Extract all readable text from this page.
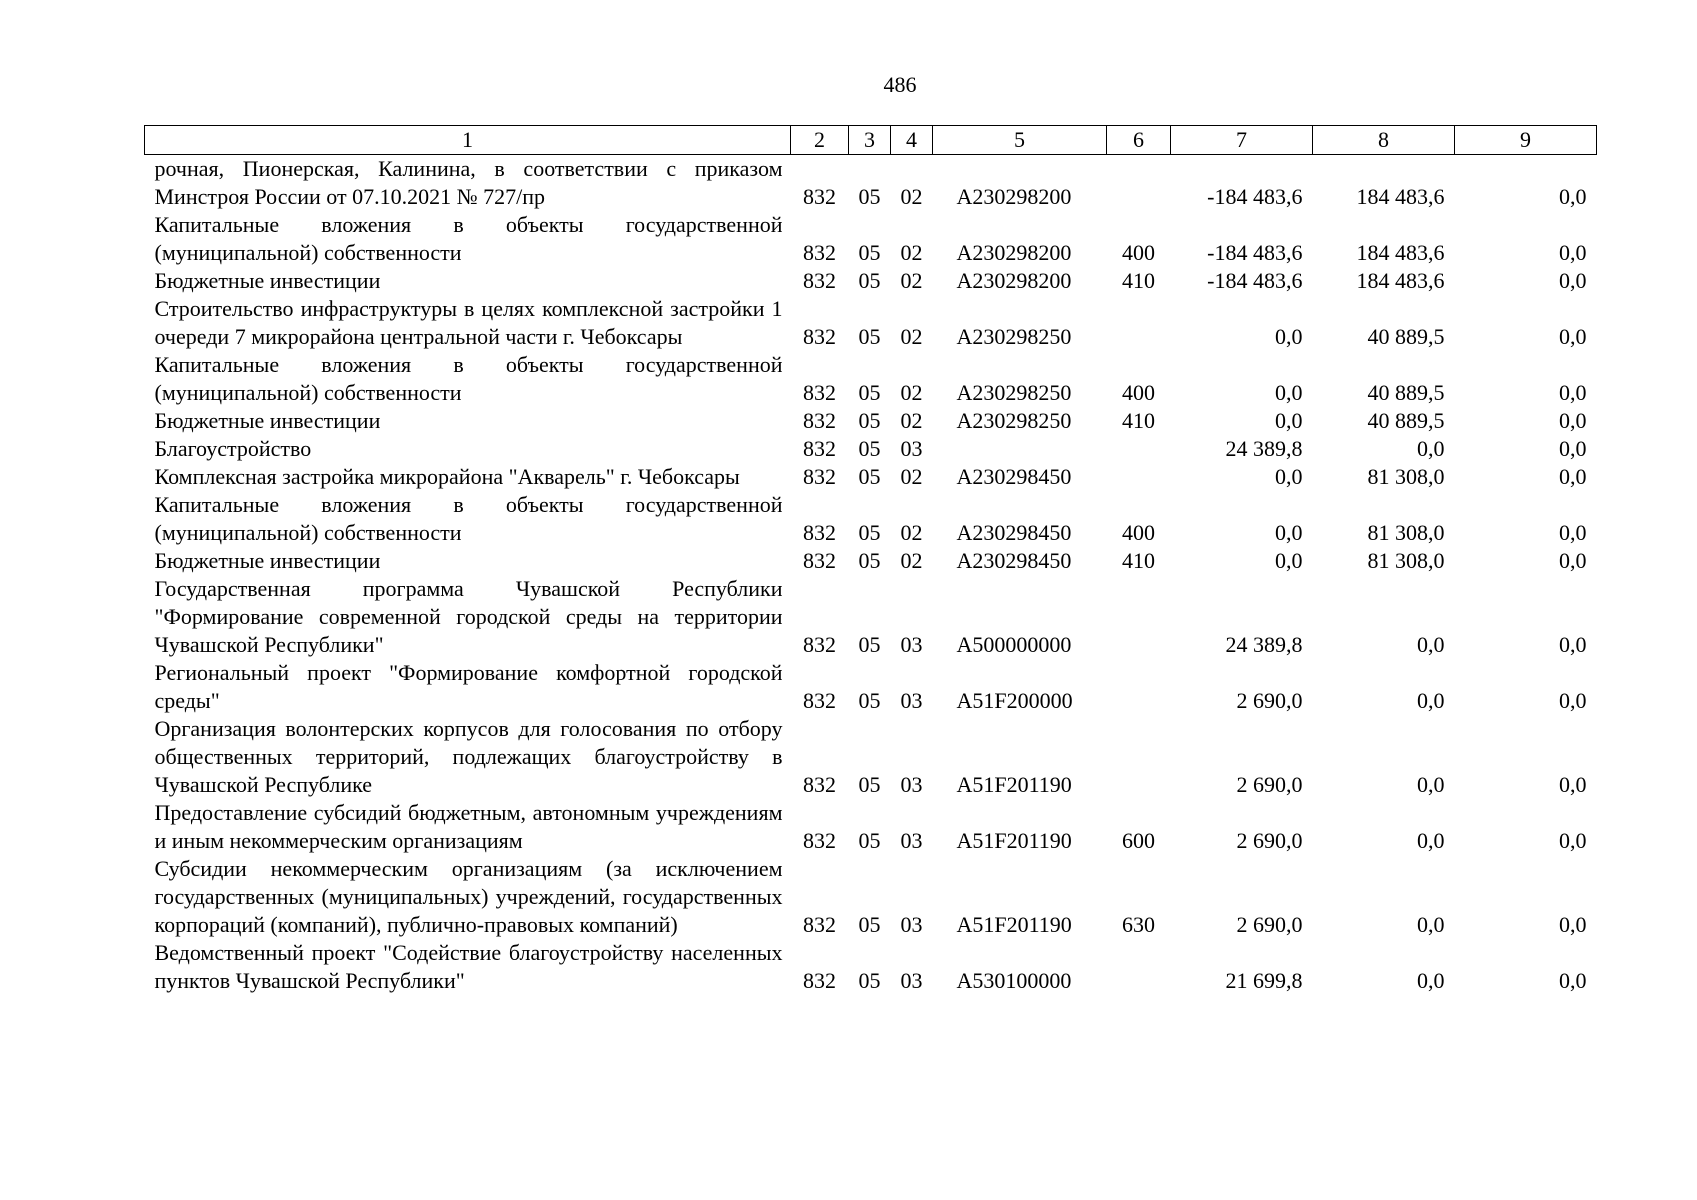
486
1	2	3	4	5	6	7	8	9
рочная, Пионерская, Калинина, в соответствии с приказом Минстроя России от 07.10.2021 № 727/пр	832	05	02	А230298200		-184 483,6	184 483,6	0,0
Капитальные вложения в объекты государственной (муниципальной) собственности	832	05	02	А230298200	400	-184 483,6	184 483,6	0,0
Бюджетные инвестиции	832	05	02	А230298200	410	-184 483,6	184 483,6	0,0
Строительство инфраструктуры в целях комплексной застройки 1 очереди 7 микрорайона центральной части г. Чебоксары	832	05	02	А230298250		0,0	40 889,5	0,0
Капитальные вложения в объекты государственной (муниципальной) собственности	832	05	02	А230298250	400	0,0	40 889,5	0,0
Бюджетные инвестиции	832	05	02	А230298250	410	0,0	40 889,5	0,0
Благоустройство	832	05	03			24 389,8	0,0	0,0
Комплексная застройка микрорайона "Акварель" г. Чебоксары	832	05	02	А230298450		0,0	81 308,0	0,0
Капитальные вложения в объекты государственной (муниципальной) собственности	832	05	02	А230298450	400	0,0	81 308,0	0,0
Бюджетные инвестиции	832	05	02	А230298450	410	0,0	81 308,0	0,0
Государственная программа Чувашской Республики "Формирование современной городской среды на территории Чувашской Республики"	832	05	03	А500000000		24 389,8	0,0	0,0
Региональный проект "Формирование комфортной городской среды"	832	05	03	А51F200000		2 690,0	0,0	0,0
Организация волонтерских корпусов для голосования по отбору общественных территорий, подлежащих благоустройству в Чувашской Республике	832	05	03	А51F201190		2 690,0	0,0	0,0
Предоставление субсидий бюджетным, автономным учреждениям и иным некоммерческим организациям	832	05	03	А51F201190	600	2 690,0	0,0	0,0
Субсидии некоммерческим организациям (за исключением государственных (муниципальных) учреждений, государственных корпораций (компаний), публично-правовых компаний)	832	05	03	А51F201190	630	2 690,0	0,0	0,0
Ведомственный проект "Содействие благоустройству населенных пунктов Чувашской Республики"	832	05	03	А530100000		21 699,8	0,0	0,0
